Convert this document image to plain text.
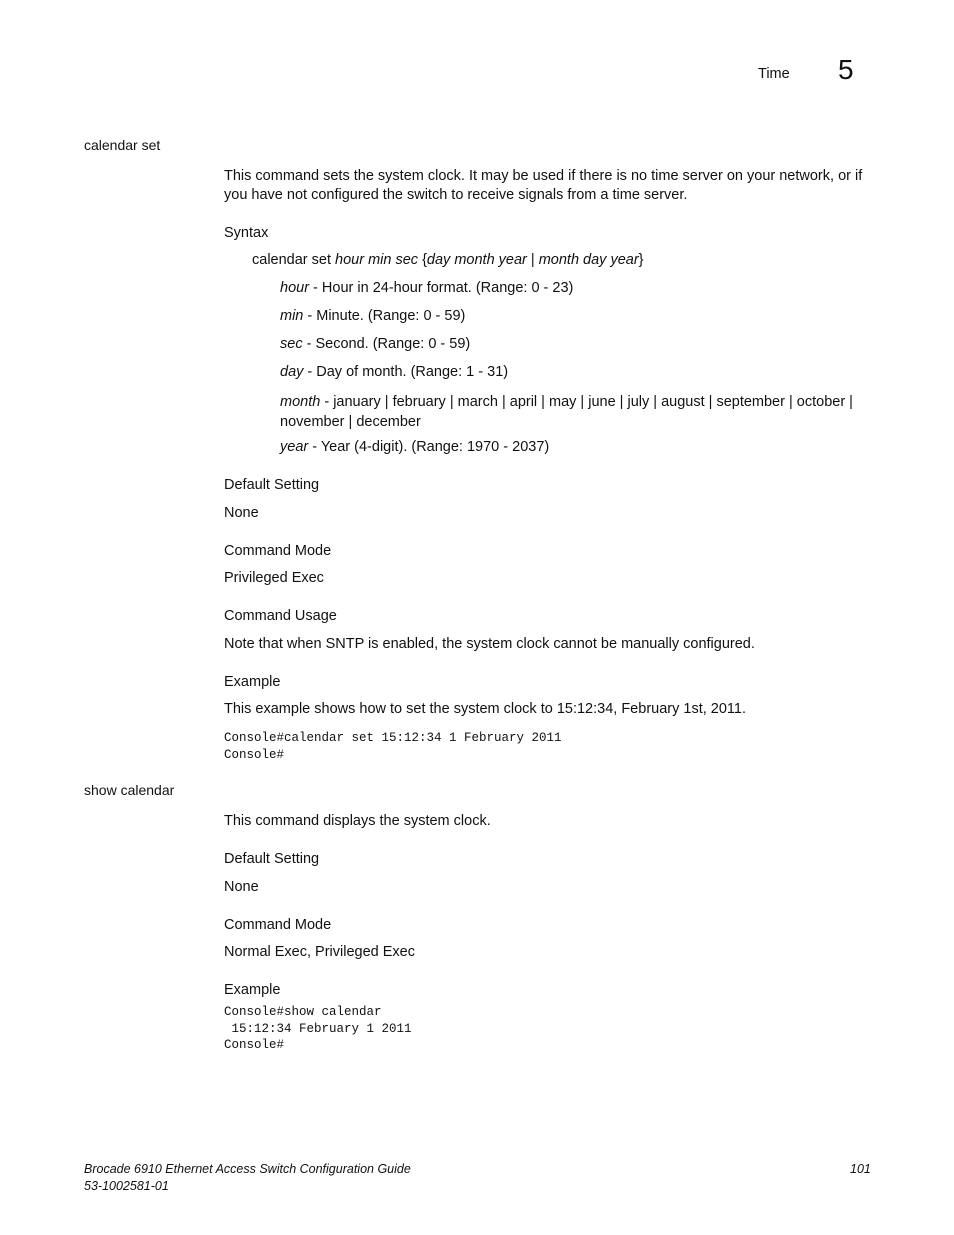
Time 5
calendar set
This command sets the system clock. It may be used if there is no time server on your network, or if you have not configured the switch to receive signals from a time server.
Syntax
calendar set hour min sec {day month year | month day year}
hour - Hour in 24-hour format. (Range: 0 - 23)
min - Minute. (Range: 0 - 59)
sec - Second. (Range: 0 - 59)
day - Day of month. (Range: 1 - 31)
month - january | february | march | april | may | june | july | august | september | october | november | december
year - Year (4-digit). (Range: 1970 - 2037)
Default Setting
None
Command Mode
Privileged Exec
Command Usage
Note that when SNTP is enabled, the system clock cannot be manually configured.
Example
This example shows how to set the system clock to 15:12:34, February 1st, 2011.
Console#calendar set 15:12:34 1 February 2011
Console#
show calendar
This command displays the system clock.
Default Setting
None
Command Mode
Normal Exec, Privileged Exec
Example
Console#show calendar
15:12:34 February 1 2011
Console#
Brocade 6910 Ethernet Access Switch Configuration Guide
53-1002581-01
101
